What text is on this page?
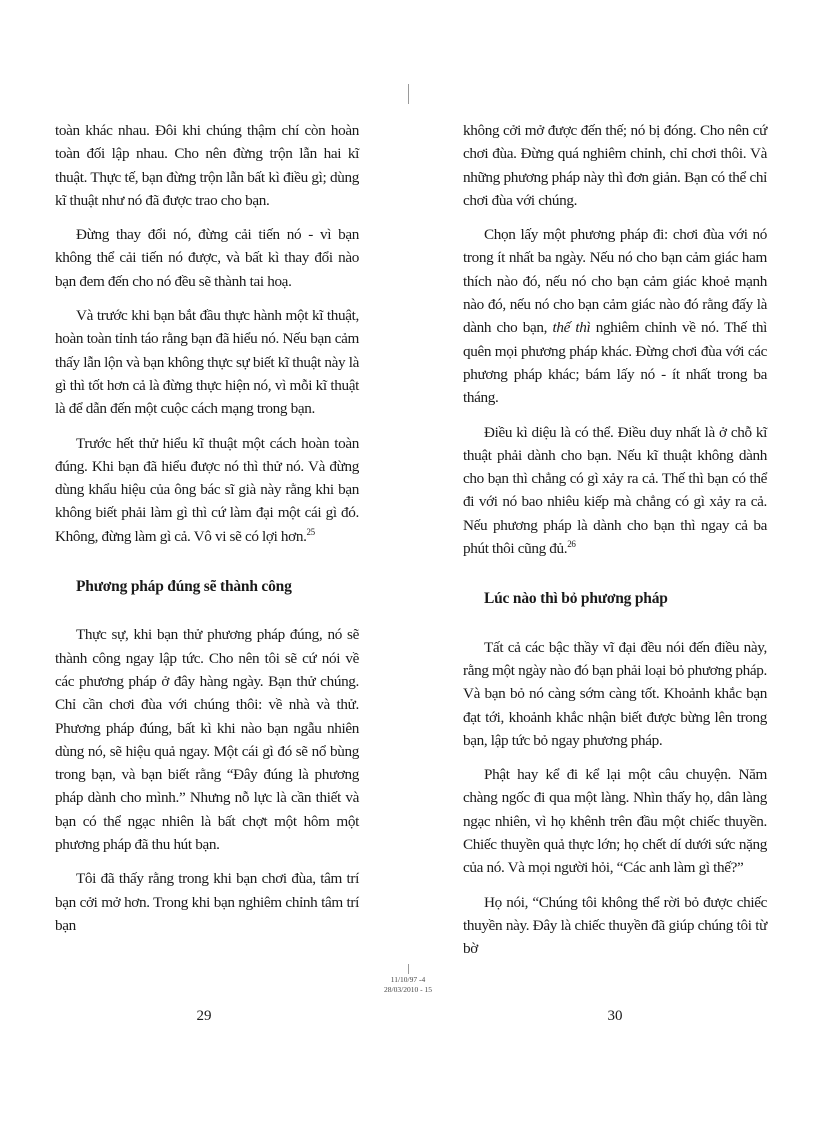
toàn khác nhau. Đôi khi chúng thậm chí còn hoàn toàn đối lập nhau. Cho nên đừng trộn lẫn hai kĩ thuật. Thực tế, bạn đừng trộn lẫn bất kì điều gì; dùng kĩ thuật như nó đã được trao cho bạn.

Đừng thay đổi nó, đừng cải tiến nó - vì bạn không thể cải tiến nó được, và bất kì thay đổi nào bạn đem đến cho nó đều sẽ thành tai hoạ.

Và trước khi bạn bắt đầu thực hành một kĩ thuật, hoàn toàn tỉnh táo rằng bạn đã hiểu nó. Nếu bạn cảm thấy lẫn lộn và bạn không thực sự biết kĩ thuật này là gì thì tốt hơn cả là đừng thực hiện nó, vì mỗi kĩ thuật là để dẫn đến một cuộc cách mạng trong bạn.

Trước hết thử hiểu kĩ thuật một cách hoàn toàn đúng. Khi bạn đã hiểu được nó thì thử nó. Và đừng dùng khẩu hiệu của ông bác sĩ già này rằng khi bạn không biết phải làm gì thì cứ làm đại một cái gì đó. Không, đừng làm gì cả. Vô vi sẽ có lợi hơn.$^{25}$

Phương pháp đúng sẽ thành công

Thực sự, khi bạn thử phương pháp đúng, nó sẽ thành công ngay lập tức. Cho nên tôi sẽ cứ nói về các phương pháp ở đây hàng ngày. Bạn thử chúng. Chỉ cần chơi đùa với chúng thôi: về nhà và thử. Phương pháp đúng, bất kì khi nào bạn ngẫu nhiên dùng nó, sẽ hiệu quả ngay. Một cái gì đó sẽ nổ bùng trong bạn, và bạn biết rằng “Đây đúng là phương pháp dành cho mình.” Nhưng nỗ lực là cần thiết và bạn có thể ngạc nhiên là bất chợt một hôm một phương pháp đã thu hút bạn.

Tôi đã thấy rằng trong khi bạn chơi đùa, tâm trí bạn cởi mở hơn. Trong khi bạn nghiêm chỉnh tâm trí bạn

không cởi mở được đến thế; nó bị đóng. Cho nên cứ chơi đùa. Đừng quá nghiêm chỉnh, chỉ chơi thôi. Và những phương pháp này thì đơn giản. Bạn có thể chỉ chơi đùa với chúng.

Chọn lấy một phương pháp đi: chơi đùa với nó trong ít nhất ba ngày. Nếu nó cho bạn cảm giác ham thích nào đó, nếu nó cho bạn cảm giác khoẻ mạnh nào đó, nếu nó cho bạn cảm giác nào đó rằng đấy là dành cho bạn, thế thì nghiêm chỉnh về nó. Thế thì quên mọi phương pháp khác. Đừng chơi đùa với các phương pháp khác; bám lấy nó - ít nhất trong ba tháng.

Điều kì diệu là có thể. Điều duy nhất là ở chỗ kĩ thuật phải dành cho bạn. Nếu kĩ thuật không dành cho bạn thì chẳng có gì xảy ra cả. Thế thì bạn có thể đi với nó bao nhiêu kiếp mà chẳng có gì xảy ra cả. Nếu phương pháp là dành cho bạn thì ngay cả ba phút thôi cũng đủ.$^{26}$

Lúc nào thì bỏ phương pháp

Tất cả các bậc thầy vĩ đại đều nói đến điều này, rằng một ngày nào đó bạn phải loại bỏ phương pháp. Và bạn bỏ nó càng sớm càng tốt. Khoảnh khắc bạn đạt tới, khoảnh khắc nhận biết được bừng lên trong bạn, lập tức bỏ ngay phương pháp.

Phật hay kể đi kể lại một câu chuyện. Năm chàng ngốc đi qua một làng. Nhìn thấy họ, dân làng ngạc nhiên, vì họ khênh trên đầu một chiếc thuyền. Chiếc thuyền quả thực lớn; họ chết dí dưới sức nặng của nó. Và mọi người hỏi, “Các anh làm gì thế?”

Họ nói, “Chúng tôi không thể rời bỏ được chiếc thuyền này. Đây là chiếc thuyền đã giúp chúng tôi từ bờ

11/10/97 -4
28/03/2010 - 15
29	30
